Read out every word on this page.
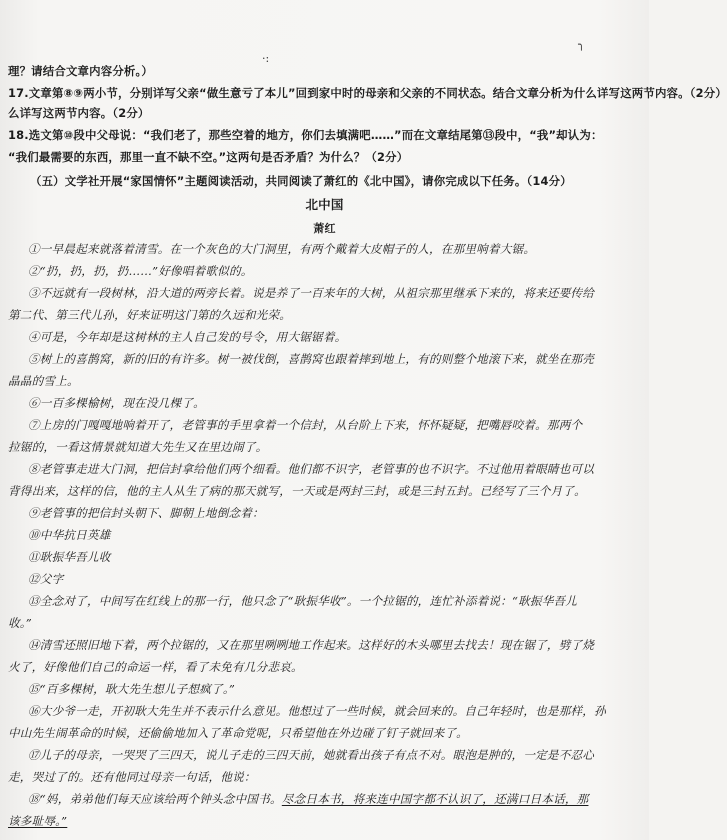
·:
╮
理？请结合文章内容分析。）
17.文章第⑧⑨两小节，分别详写父亲“做生意亏了本儿”回到家中时的母亲和父亲的不同状态。结合文章分析为什么详写这两节内容。（2分）
么详写这两节内容。（2分）
18.选文第⑩段中父母说：“我们老了，那些空着的地方，你们去填满吧……”而在文章结尾第⑬段中，“我”却认为：
“我们最需要的东西，那里一直不缺不空。”这两句是否矛盾？为什么？（2分）
（五）文学社开展“家国情怀”主题阅读活动，共同阅读了萧红的《北中国》，请你完成以下任务。（14分）
北中国
萧红
①一早晨起来就落着清雪。在一个灰色的大门洞里，有两个戴着大皮帽子的人，在那里响着大锯。
②“扔，扔，扔，扔……”好像唱着歌似的。
③不远就有一段树林，沿大道的两旁长着。说是养了一百来年的大树，从祖宗那里继承下来的，将来还要传给
第二代、第三代儿孙，好来证明这门第的久远和光荣。
④可是，今年却是这树林的主人自己发的号令，用大锯锯着。
⑤树上的喜鹊窝，新的旧的有许多。树一被伐倒，喜鹊窝也跟着摔到地上，有的则整个地滚下来，就坐在那壳
晶晶的雪上。
⑥一百多棵榆树，现在没几棵了。
⑦上房的门嘎嘎地响着开了，老管事的手里拿着一个信封，从台阶上下来，怀怀疑疑，把嘴唇咬着。那两个
拉锯的，一看这情景就知道大先生又在里边闹了。
⑧老管事走进大门洞，把信封拿给他们两个细看。他们都不识字，老管事的也不识字。不过他用着眼睛也可以
背得出来，这样的信，他的主人从生了病的那天就写，一天或是两封三封，或是三封五封。已经写了三个月了。
⑨老管事的把信封头朝下、脚朝上地倒念着：
⑩中华抗日英雄
⑪耿振华吾儿收
⑫父字
⑬全念对了，中间写在红线上的那一行，他只念了“耿振华收”。一个拉锯的，连忙补添着说：“耿振华吾儿
收。”
⑭清雪还照旧地下着，两个拉锯的，又在那里咧咧地工作起来。这样好的木头哪里去找去！现在锯了，劈了烧
火了，好像他们自己的命运一样，看了未免有几分悲哀。
⑮“百多棵树，耿大先生想儿子想疯了。”
⑯大少爷一走，开初耿大先生并不表示什么意见。他想过了一些时候，就会回来的。自己年轻时，也是那样，孙
中山先生闹革命的时候，还偷偷地加入了革命党呢，只希望他在外边碰了钉子就回来了。
⑰儿子的母亲，一哭哭了三四天，说儿子走的三四天前，她就看出孩子有点不对。眼泡是肿的，一定是不忍心
走，哭过了的。还有他同过母亲一句话，他说：
⑱“妈，弟弟他们每天应该给两个钟头念中国书。尽念日本书，将来连中国字都不认识了，还满口日本话，那
该多耻辱。”
